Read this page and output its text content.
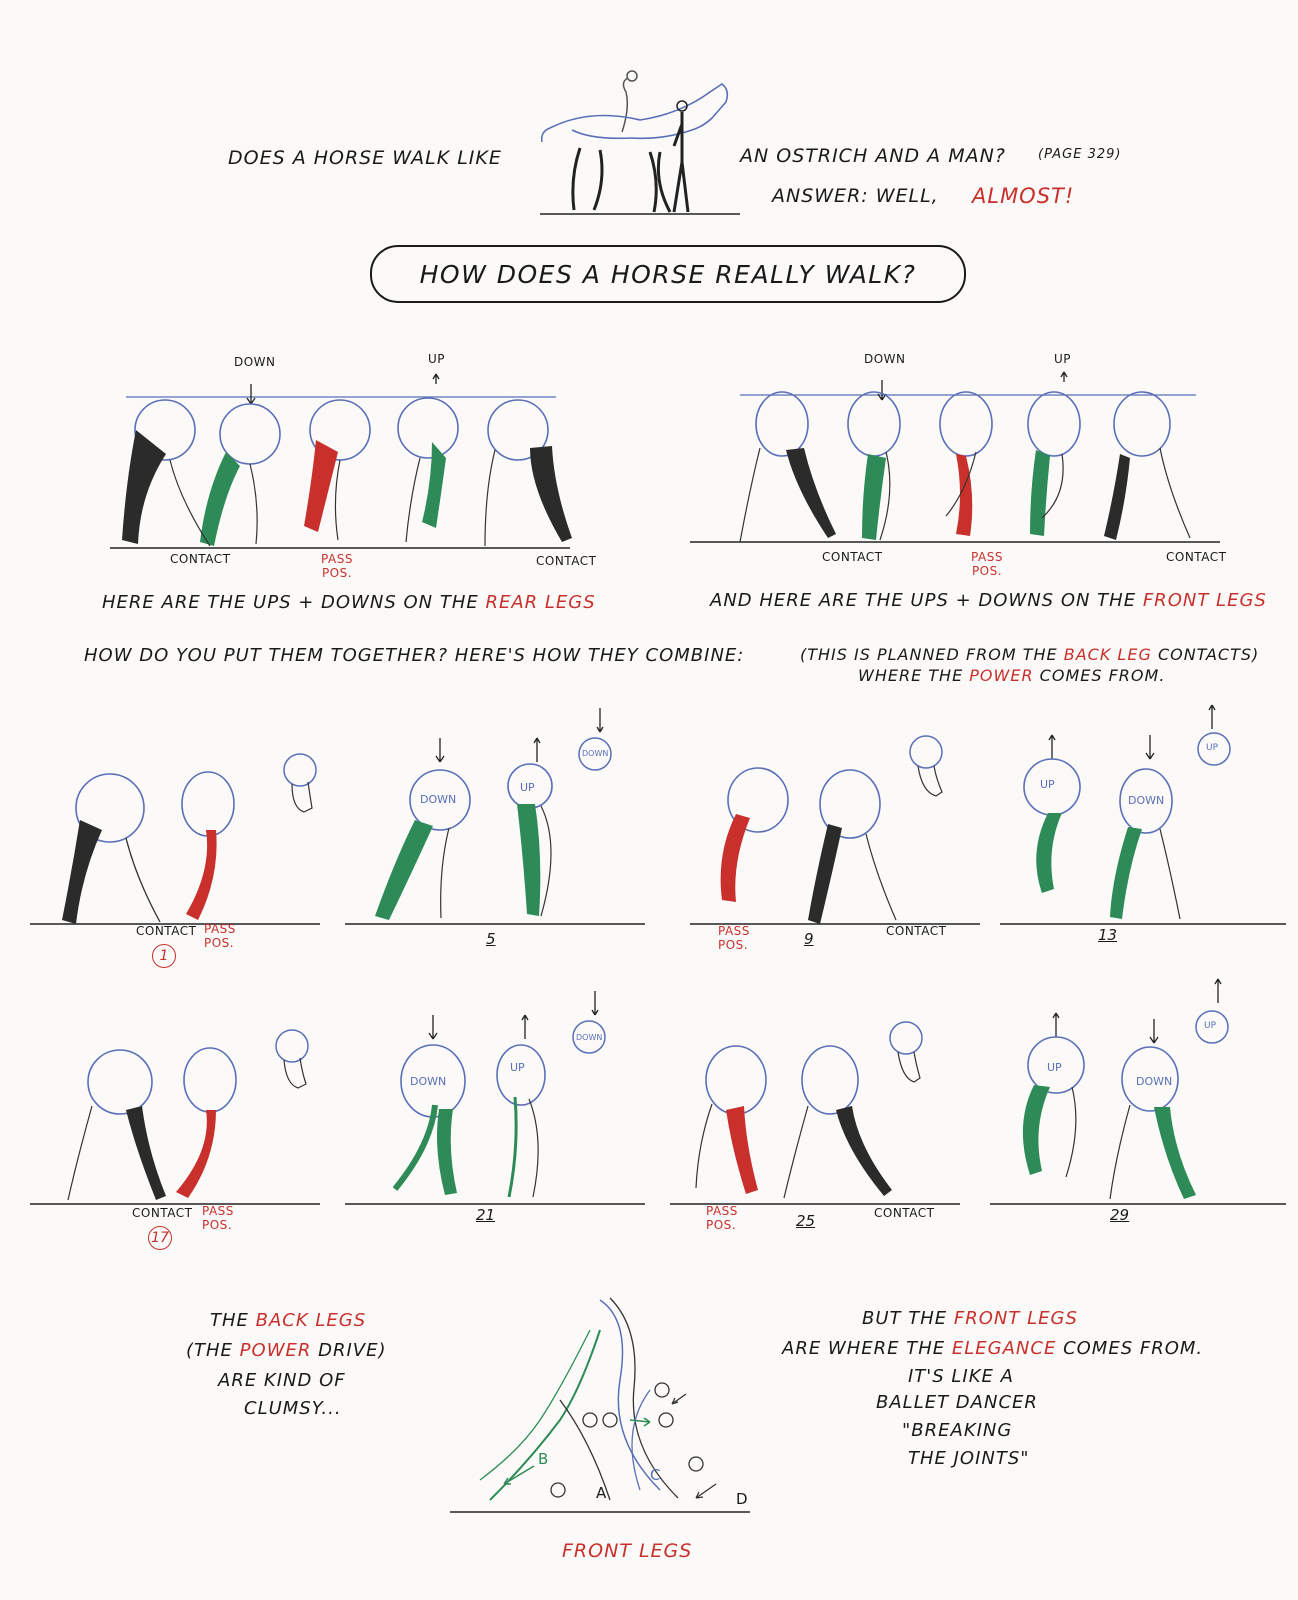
DOES A HORSE WALK LIKE	AN OSTRICH AND A MAN? (PAGE 329)
ANSWER: WELL, ALMOST!
HOW DOES A HORSE REALLY WALK?
DOWN	UP
CONTACT	PASS POS.
CONTACT
HERE ARE THE UPS + DOWNS ON THE REAR LEGS
DOWN	UP
CONTACT	PASS POS.
CONTACT
AND HERE ARE THE UPS + DOWNS ON THE FRONT LEGS
HOW DO YOU PUT THEM TOGETHER? HERE'S HOW THEY COMBINE:	(THIS IS PLANNED FROM THE BACK LEG CONTACTS)
WHERE THE POWER COMES FROM.
CONTACT PASS POS.
1
DOWN
UP
DOWN
5	PASS POS.	9	CONTACT
UP
DOWN
UP
13
CONTACT PASS POS.
17
DOWN
UP
DOWN
21	PASS POS.	25	CONTACT
UP
DOWN
UP
29
THE BACK LEGS
(THE POWER DRIVE)
ARE KIND OF
CLUMSY...
A
B
C
D
FRONT LEGS
BUT THE FRONT LEGS
ARE WHERE THE ELEGANCE COMES FROM.
IT'S LIKE A
BALLET DANCER
"BREAKING
THE JOINTS"
